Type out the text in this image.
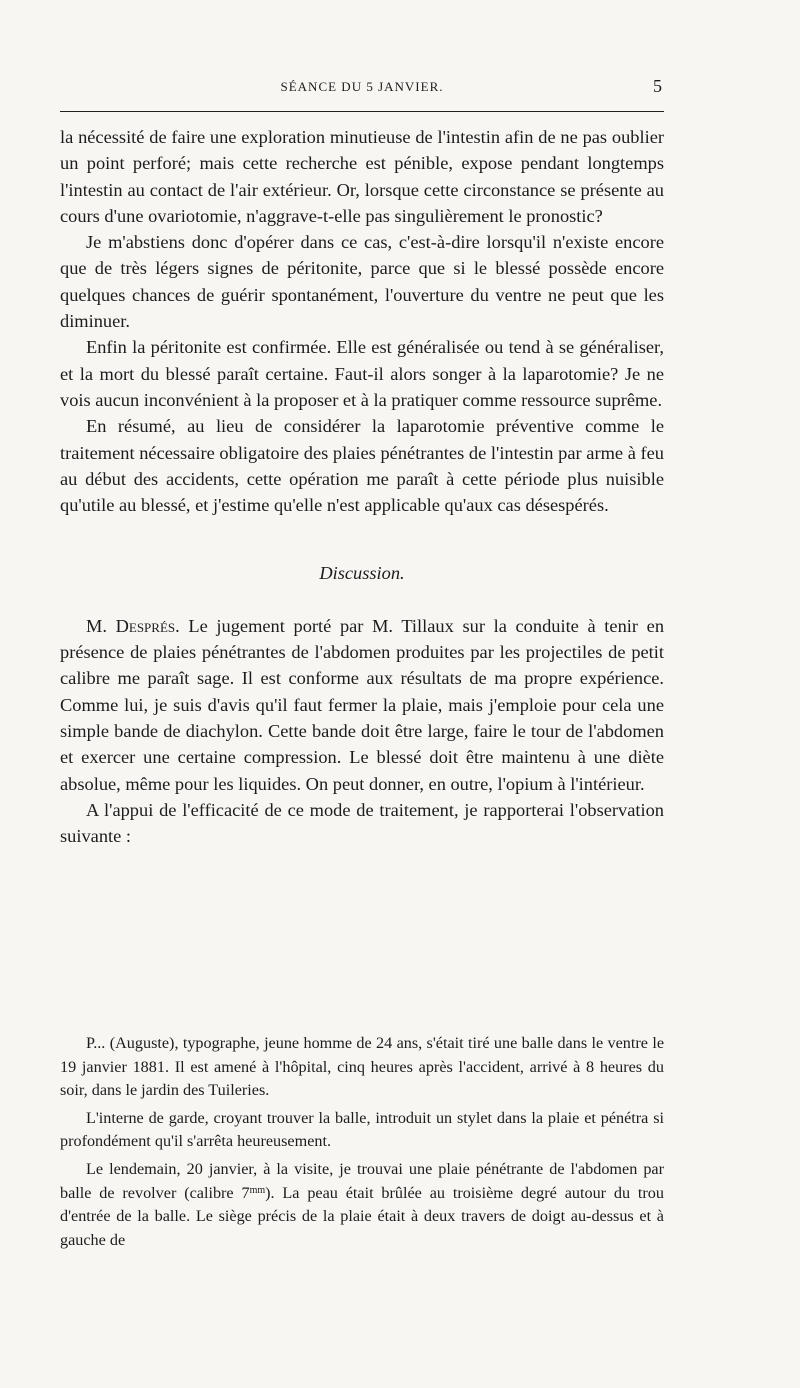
SÉANCE DU 5 JANVIER.	5

la nécessité de faire une exploration minutieuse de l'intestin afin de ne pas oublier un point perforé; mais cette recherche est pénible, expose pendant longtemps l'intestin au contact de l'air extérieur. Or, lorsque cette circonstance se présente au cours d'une ovariotomie, n'aggrave-t-elle pas singulièrement le pronostic?

Je m'abstiens donc d'opérer dans ce cas, c'est-à-dire lorsqu'il n'existe encore que de très légers signes de péritonite, parce que si le blessé possède encore quelques chances de guérir spontanément, l'ouverture du ventre ne peut que les diminuer.

Enfin la péritonite est confirmée. Elle est généralisée ou tend à se généraliser, et la mort du blessé paraît certaine. Faut-il alors songer à la laparotomie? Je ne vois aucun inconvénient à la proposer et à la pratiquer comme ressource suprême.

En résumé, au lieu de considérer la laparotomie préventive comme le traitement nécessaire obligatoire des plaies pénétrantes de l'intestin par arme à feu au début des accidents, cette opération me paraît à cette période plus nuisible qu'utile au blessé, et j'estime qu'elle n'est applicable qu'aux cas désespérés.

Discussion.

M. Després. Le jugement porté par M. Tillaux sur la conduite à tenir en présence de plaies pénétrantes de l'abdomen produites par les projectiles de petit calibre me paraît sage. Il est conforme aux résultats de ma propre expérience. Comme lui, je suis d'avis qu'il faut fermer la plaie, mais j'emploie pour cela une simple bande de diachylon. Cette bande doit être large, faire le tour de l'abdomen et exercer une certaine compression. Le blessé doit être maintenu à une diète absolue, même pour les liquides. On peut donner, en outre, l'opium à l'intérieur.

A l'appui de l'efficacité de ce mode de traitement, je rapporterai l'observation suivante :

P... (Auguste), typographe, jeune homme de 24 ans, s'était tiré une balle dans le ventre le 19 janvier 1881. Il est amené à l'hôpital, cinq heures après l'accident, arrivé à 8 heures du soir, dans le jardin des Tuileries.

L'interne de garde, croyant trouver la balle, introduit un stylet dans la plaie et pénétra si profondément qu'il s'arrêta heureusement.

Le lendemain, 20 janvier, à la visite, je trouvai une plaie pénétrante de l'abdomen par balle de revolver (calibre $7^{mm}$). La peau était brûlée au troisième degré autour du trou d'entrée de la balle. Le siège précis de la plaie était à deux travers de doigt au-dessus et à gauche de
